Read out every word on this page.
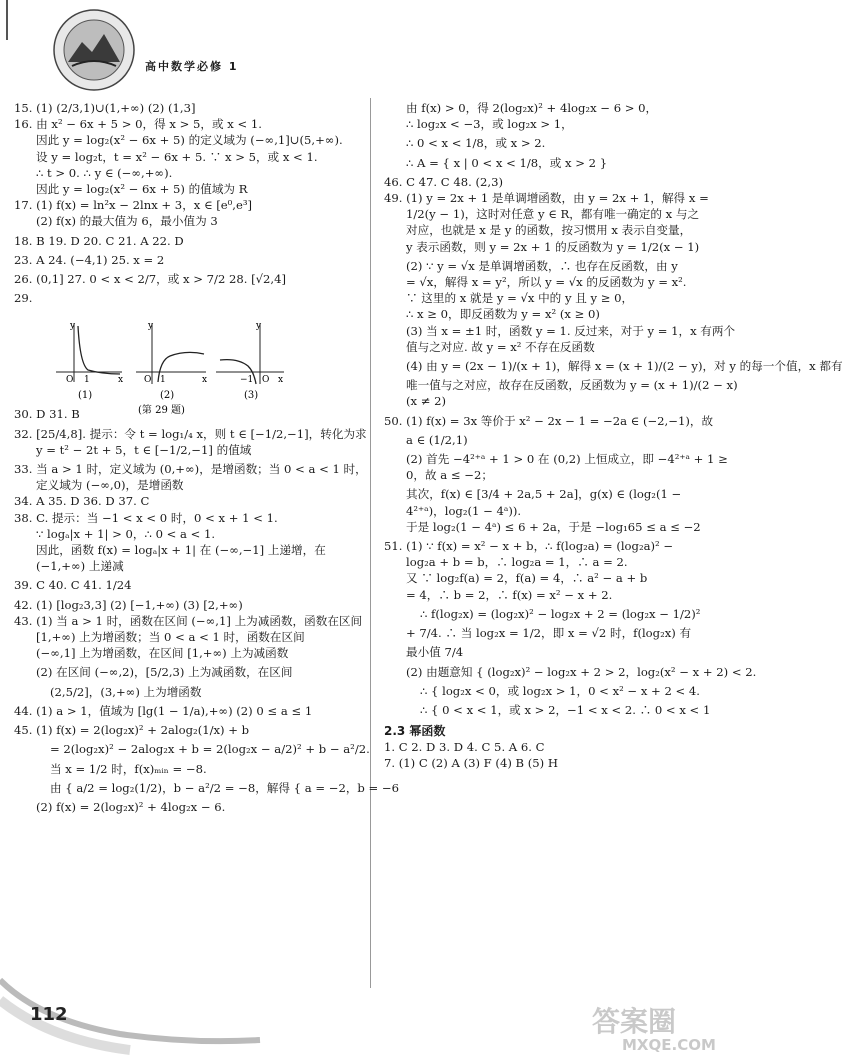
高中数学必修 1
15. (1) (2/3,1)∪(1,+∞) (2) (1,3]
16. 由 x² − 6x + 5 > 0，得 x > 5，或 x < 1.
因此 y = log₂(x² − 6x + 5) 的定义域为 (−∞,1]∪(5,+∞).
设 y = log₂t，t = x² − 6x + 5. ∵ x > 5，或 x < 1.
∴ t > 0. ∴ y ∈ (−∞,+∞).
因此 y = log₂(x² − 6x + 5) 的值域为 R
17. (1) f(x) = ln²x − 2lnx + 3，x ∈ [e⁰,e³]
(2) f(x) 的最大值为 6，最小值为 3
18. B 19. D 20. C 21. A 22. D
23. A 24. (−4,1) 25. x = 2
26. (0,1] 27. 0 < x < 2/7，或 x > 7/2 28. [√2,4]
29.
30. D 31. B
32. [25/4,8]. 提示：令 t = log₁/₄ x，则 t ∈ [−1/2,−1]，转化为求
y = t² − 2t + 5，t ∈ [−1/2,−1] 的值域
33. 当 a > 1 时，定义域为 (0,+∞)，是增函数；当 0 < a < 1 时，
定义域为 (−∞,0)，是增函数
34. A 35. D 36. D 37. C
38. C. 提示：当 −1 < x < 0 时，0 < x + 1 < 1.
∵ logₐ|x + 1| > 0，∴ 0 < a < 1.
因此，函数 f(x) = logₐ|x + 1| 在 (−∞,−1] 上递增，在
(−1,+∞) 上递减
39. C 40. C 41. 1/24
42. (1) [log₂3,3] (2) [−1,+∞) (3) [2,+∞)
43. (1) 当 a > 1 时，函数在区间 (−∞,1] 上为减函数，函数在区间
[1,+∞) 上为增函数；当 0 < a < 1 时，函数在区间
(−∞,1] 上为增函数，在区间 [1,+∞) 上为减函数
(2) 在区间 (−∞,2)，[5/2,3) 上为减函数，在区间
(2,5/2]，(3,+∞) 上为增函数
44. (1) a > 1，值域为 [lg(1 − 1/a),+∞) (2) 0 ≤ a ≤ 1
45. (1) f(x) = 2(log₂x)² + 2alog₂(1/x) + b
= 2(log₂x)² − 2alog₂x + b = 2(log₂x − a/2)² + b − a²/2.
当 x = 1/2 时，f(x)ₘᵢₙ = −8.
由 { a/2 = log₂(1/2)，b − a²/2 = −8，解得 { a = −2，b = −6
(2) f(x) = 2(log₂x)² + 4log₂x − 6.
y
x
O 1
(1)
y
x
O 1
(2)
y
x
O
−1
(3)
(第 29 题)
由 f(x) > 0，得 2(log₂x)² + 4log₂x − 6 > 0，
∴ log₂x < −3，或 log₂x > 1，
∴ 0 < x < 1/8，或 x > 2.
∴ A = { x | 0 < x < 1/8，或 x > 2 }
46. C 47. C 48. (2,3)
49. (1) y = 2x + 1 是单调增函数，由 y = 2x + 1，解得 x =
1/2(y − 1)，这时对任意 y ∈ R，都有唯一确定的 x 与之
对应，也就是 x 是 y 的函数，按习惯用 x 表示自变量，
y 表示函数，则 y = 2x + 1 的反函数为 y = 1/2(x − 1)
(2) ∵ y = √x 是单调增函数，∴ 也存在反函数，由 y
= √x，解得 x = y²，所以 y = √x 的反函数为 y = x².
∵ 这里的 x 就是 y = √x 中的 y 且 y ≥ 0，
∴ x ≥ 0，即反函数为 y = x² (x ≥ 0)
(3) 当 x = ±1 时，函数 y = 1. 反过来，对于 y = 1，x 有两个
值与之对应. 故 y = x² 不存在反函数
(4) 由 y = (2x − 1)/(x + 1)，解得 x = (x + 1)/(2 − y)，对 y 的每一个值，x 都有
唯一值与之对应，故存在反函数，反函数为 y = (x + 1)/(2 − x)
(x ≠ 2)
50. (1) f(x) = 3x 等价于 x² − 2x − 1 = −2a ∈ (−2,−1)，故
a ∈ (1/2,1)
(2) 首先 −4²⁺ᵃ + 1 > 0 在 (0,2) 上恒成立，即 −4²⁺ᵃ + 1 ≥
0，故 a ≤ −2；
其次，f(x) ∈ [3/4 + 2a,5 + 2a]，g(x) ∈ (log₂(1 −
4²⁺ᵃ)，log₂(1 − 4ᵃ)).
于是 log₂(1 − 4ᵃ) ≤ 6 + 2a，于是 −log₁65 ≤ a ≤ −2
51. (1) ∵ f(x) = x² − x + b，∴ f(log₂a) = (log₂a)² −
log₂a + b = b，∴ log₂a = 1，∴ a = 2.
又 ∵ log₂f(a) = 2，f(a) = 4，∴ a² − a + b
= 4，∴ b = 2，∴ f(x) = x² − x + 2.
∴ f(log₂x) = (log₂x)² − log₂x + 2 = (log₂x − 1/2)²
+ 7/4. ∴ 当 log₂x = 1/2，即 x = √2 时，f(log₂x) 有
最小值 7/4
(2) 由题意知 { (log₂x)² − log₂x + 2 > 2，log₂(x² − x + 2) < 2.
∴ { log₂x < 0，或 log₂x > 1，0 < x² − x + 2 < 4.
∴ { 0 < x < 1，或 x > 2，−1 < x < 2. ∴ 0 < x < 1
2.3 幂函数
1. C 2. D 3. D 4. C 5. A 6. C
7. (1) C (2) A (3) F (4) B (5) H
112	答案圈
MXQE.COM
